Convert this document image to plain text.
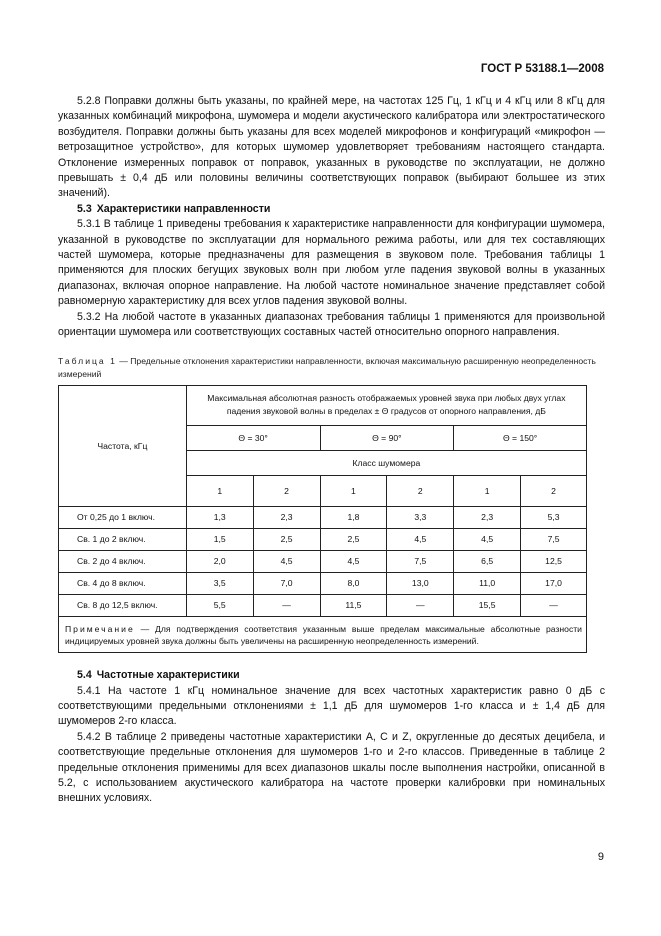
ГОСТ Р 53188.1—2008

5.2.8 Поправки должны быть указаны, по крайней мере, на частотах 125 Гц, 1 кГц и 4 кГц или 8 кГц для указанных комбинаций микрофона, шумомера и модели акустического калибратора или электростатического возбудителя. Поправки должны быть указаны для всех моделей микрофонов и конфигураций «микрофон — ветрозащитное устройство», для которых шумомер удовлетворяет требованиям настоящего стандарта. Отклонение измеренных поправок от поправок, указанных в руководстве по эксплуатации, не должно превышать ± 0,4 дБ или половины величины соответствующих поправок (выбирают большее из этих значений).

5.3 Характеристики направленности

5.3.1 В таблице 1 приведены требования к характеристике направленности для конфигурации шумомера, указанной в руководстве по эксплуатации для нормального режима работы, или для тех составляющих частей шумомера, которые предназначены для размещения в звуковом поле. Требования таблицы 1 применяются для плоских бегущих звуковых волн при любом угле падения звуковой волны в указанных диапазонах, включая опорное направление. На любой частоте номинальное значение представляет собой равномерную характеристику для всех углов падения звуковой волны.

5.3.2 На любой частоте в указанных диапазонах требования таблицы 1 применяются для произвольной ориентации шумомера или соответствующих составных частей относительно опорного направления.

Таблица 1 — Предельные отклонения характеристики направленности, включая максимальную расширенную неопределенность измерений
Частота, кГц	Максимальная абсолютная разность отображаемых уровней звука при любых двух углах падения звуковой волны в пределах ± Θ градусов от опорного направления, дБ					
	Θ = 30°		Θ = 90°		Θ = 150°	
	Класс шумомера					
	1	2	1	2	1	2
От 0,25 до 1 включ.	1,3	2,3	1,8	3,3	2,3	5,3
Св. 1 до 2 включ.	1,5	2,5	2,5	4,5	4,5	7,5
Св. 2 до 4 включ.	2,0	4,5	4,5	7,5	6,5	12,5
Св. 4 до 8 включ.	3,5	7,0	8,0	13,0	11,0	17,0
Св. 8 до 12,5 включ.	5,5	—	11,5	—	15,5	—
Примечание — Для подтверждения соответствия указанным выше пределам максимальные абсолютные разности индицируемых уровней звука должны быть увеличены на расширенную неопределенность измерений.						

5.4 Частотные характеристики

5.4.1 На частоте 1 кГц номинальное значение для всех частотных характеристик равно 0 дБ с соответствующими предельными отклонениями ± 1,1 дБ для шумомеров 1-го класса и ± 1,4 дБ для шумомеров 2-го класса.

5.4.2 В таблице 2 приведены частотные характеристики A, C и Z, округленные до десятых децибела, и соответствующие предельные отклонения для шумомеров 1-го и 2-го классов. Приведенные в таблице 2 предельные отклонения применимы для всех диапазонов шкалы после выполнения настройки, описанной в 5.2, с использованием акустического калибратора на частоте проверки калибровки при номинальных внешних условиях.

9
